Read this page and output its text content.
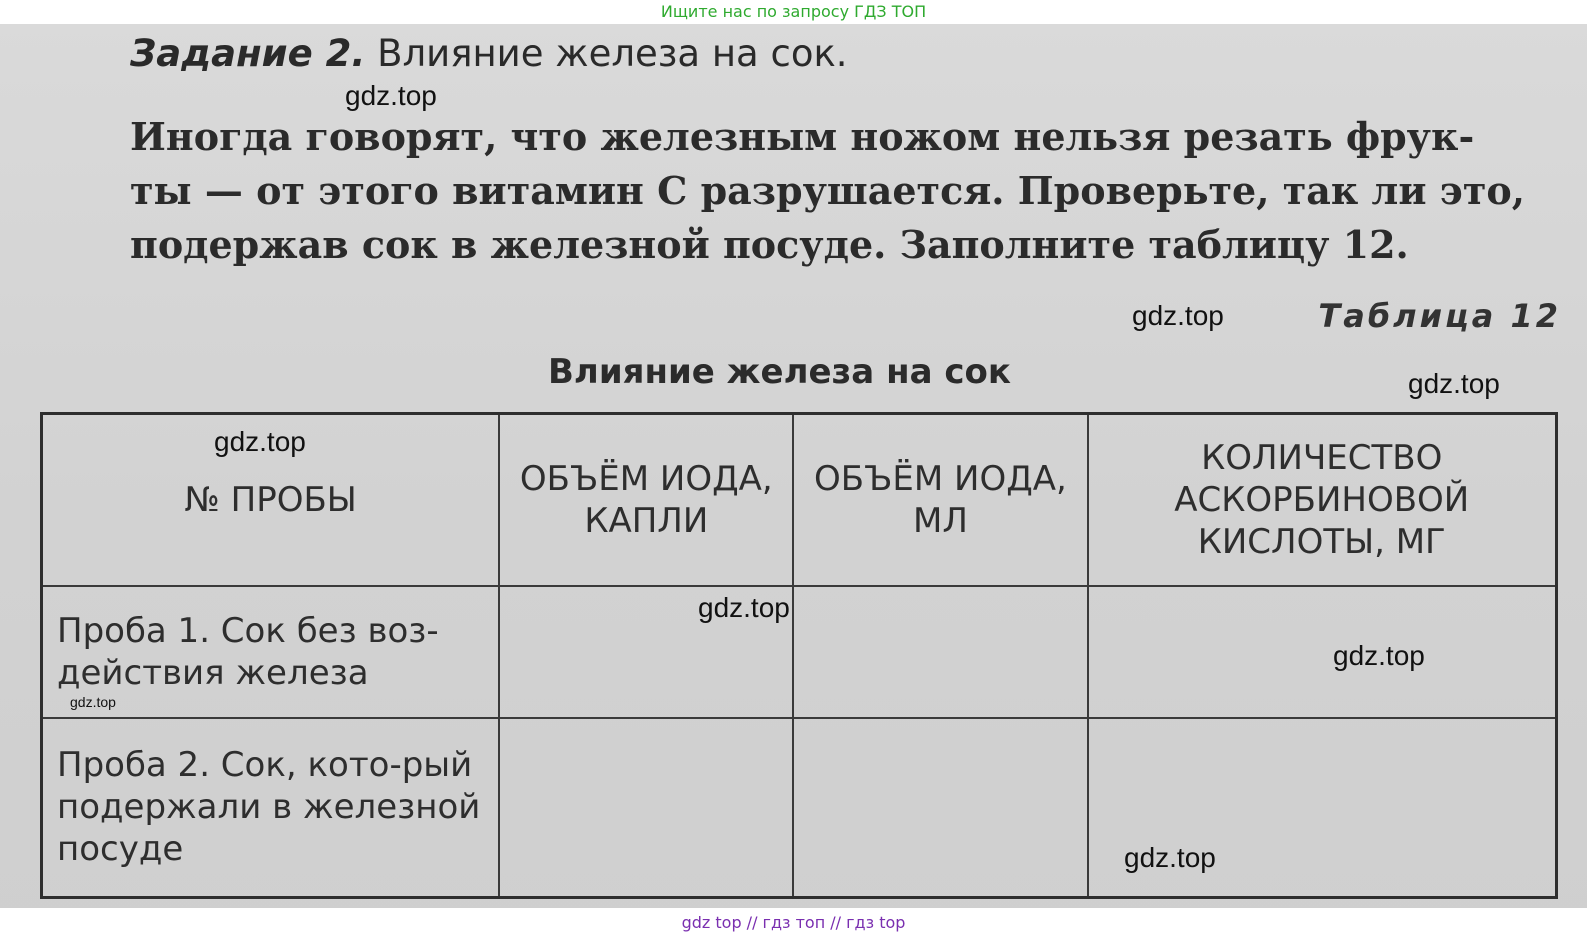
Ищите нас по запросу ГДЗ ТОП
Задание 2. Влияние железа на сок.
Иногда говорят, что железным ножом нельзя резать фрук-
ты — от этого витамин С разрушается. Проверьте, так ли это,
подержав сок в железной посуде. Заполните таблицу 12.
Таблица 12
Влияние железа на сок
№ ПРОБЫ	ОБЪЁМ ИОДА, КАПЛИ	ОБЪЁМ ИОДА, МЛ	КОЛИЧЕСТВО АСКОРБИНОВОЙ КИСЛОТЫ, МГ
Проба 1. Сок без воз-действия железа			
Проба 2. Сок, кото-рый подержали в железной посуде			
gdz.top
gdz.top
gdz.top
gdz.top
gdz.top
gdz.top
gdz.top
gdz.top
gdz top // гдз топ // гдз top
